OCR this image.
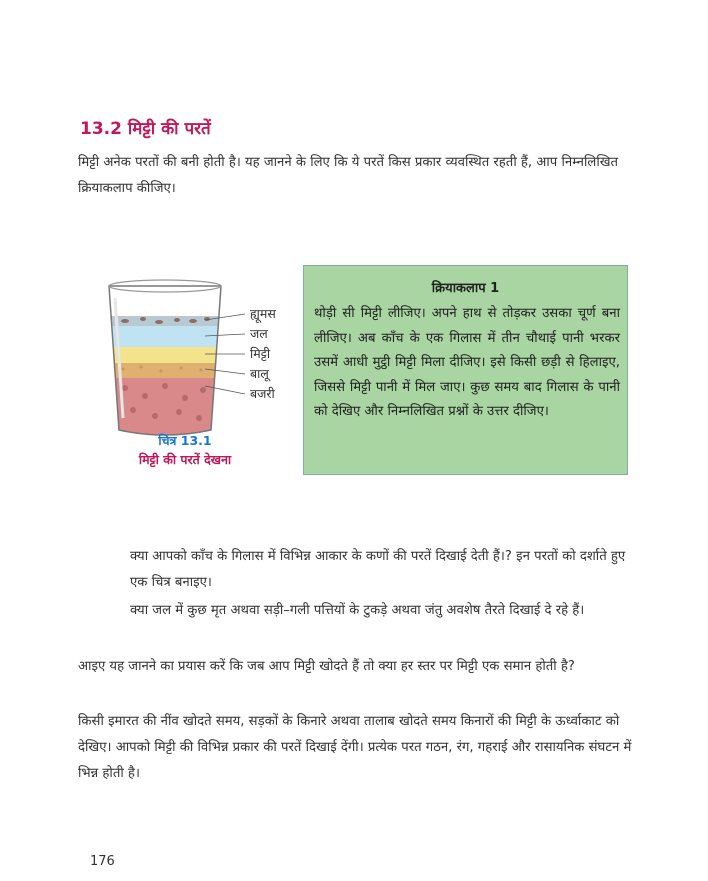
13.2 मिट्टी की परतें

मिट्टी अनेक परतों की बनी होती है। यह जानने के लिए कि ये परतें किस प्रकार व्यवस्थित रहती हैं, आप निम्नलिखित क्रियाकलाप कीजिए।

ह्यूमस

जल

मिट्टी

बालू

बजरी

चित्र 13.1

मिट्टी की परतें देखना

क्रियाकलाप 1

थोड़ी सी मिट्टी लीजिए। अपने हाथ से तोड़कर उसका चूर्ण बना लीजिए। अब काँच के एक गिलास में तीन चौथाई पानी भरकर उसमें आधी मुट्ठी मिट्टी मिला दीजिए। इसे किसी छड़ी से हिलाइए, जिससे मिट्टी पानी में मिल जाए। कुछ समय बाद गिलास के पानी को देखिए और निम्नलिखित प्रश्नों के उत्तर दीजिए।

क्या आपको काँच के गिलास में विभिन्न आकार के कणों की परतें दिखाई देती हैं।? इन परतों को दर्शाते हुए एक चित्र बनाइए।

क्या जल में कुछ मृत अथवा सड़ी–गली पत्तियों के टुकड़े अथवा जंतु अवशेष तैरते दिखाई दे रहे हैं।

आइए यह जानने का प्रयास करें कि जब आप मिट्टी खोदते हैं तो क्या हर स्तर पर मिट्टी एक समान होती है?

किसी इमारत की नींव खोदते समय, सड़कों के किनारे अथवा तालाब खोदते समय किनारों की मिट्टी के ऊर्ध्वाकाट को देखिए। आपको मिट्टी की विभिन्न प्रकार की परतें दिखाई देंगी। प्रत्येक परत गठन, रंग, गहराई और रासायनिक संघटन में भिन्न होती है।

176
